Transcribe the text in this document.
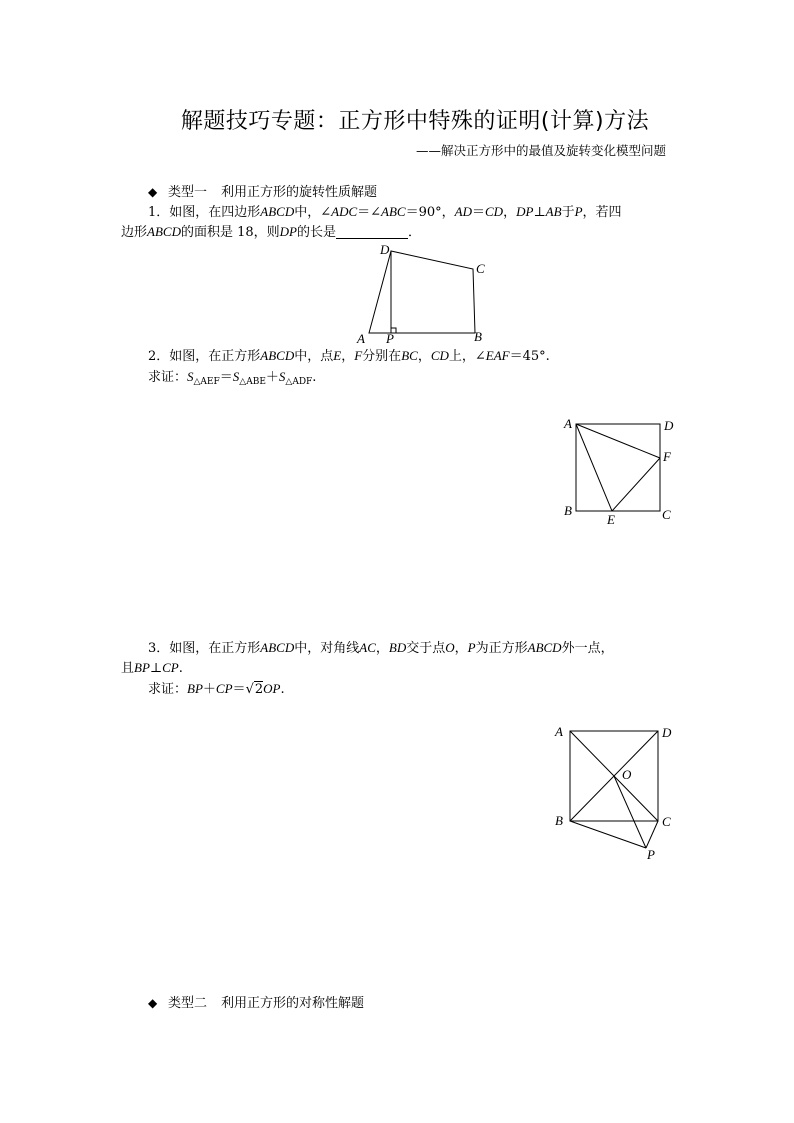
解题技巧专题：正方形中特殊的证明(计算)方法
——解决正方形中的最值及旋转变化模型问题
◆ 类型一 利用正方形的旋转性质解题
1．如图，在四边形ABCD中，∠ADC＝∠ABC＝90°，AD＝CD，DP⊥AB于P，若四
边形ABCD的面积是 18，则DP的长是	．
A P	B
C
D
2．如图，在正方形ABCD中，点E，F分别在BC，CD上，∠EAF＝45°.
求证：$S_{\triangle AEF}=S_{\triangle ABE}+S_{\triangle ADF}$.
A	D
F
B
E	C
3．如图，在正方形ABCD中，对角线AC，BD交于点O，P为正方形ABCD外一点，
且BP⊥CP.
求证：BP＋CP＝√2OP.
A	D
O
B	C
P
◆ 类型二 利用正方形的对称性解题
